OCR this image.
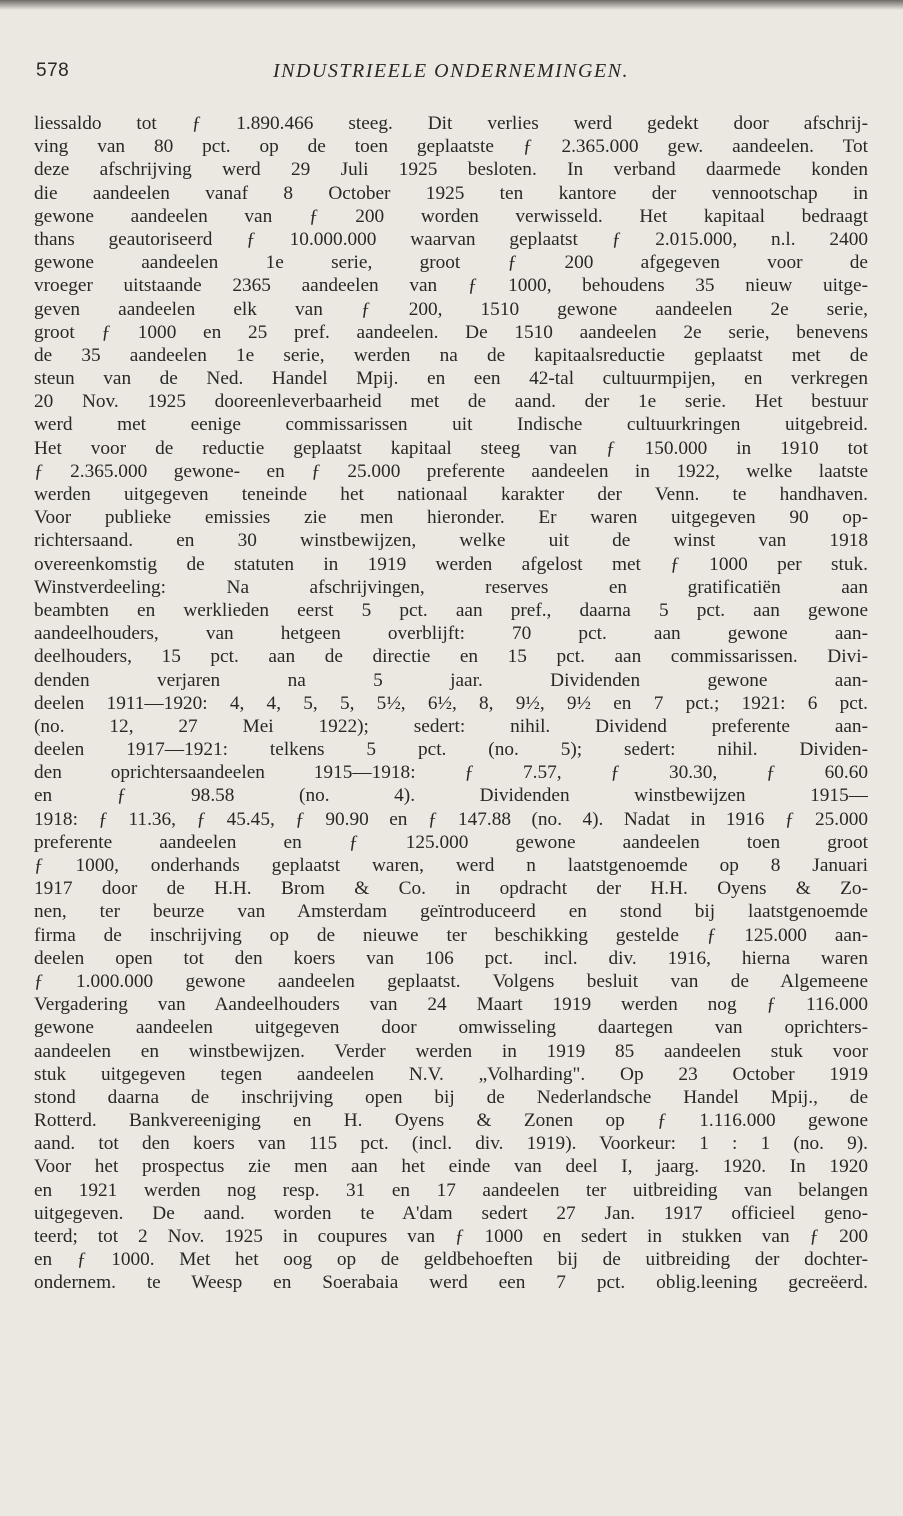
578	INDUSTRIEELE ONDERNEMINGEN.
liessaldo tot ƒ 1.890.466 steeg. Dit verlies werd gedekt door afschrij-
ving van 80 pct. op de toen geplaatste ƒ 2.365.000 gew. aandeelen. Tot
deze afschrijving werd 29 Juli 1925 besloten. In verband daarmede konden
die aandeelen vanaf 8 October 1925 ten kantore der vennootschap in
gewone aandeelen van ƒ 200 worden verwisseld. Het kapitaal bedraagt
thans geautoriseerd ƒ 10.000.000 waarvan geplaatst ƒ 2.015.000, n.l. 2400
gewone aandeelen 1e serie, groot ƒ 200 afgegeven voor de
vroeger uitstaande 2365 aandeelen van ƒ 1000, behoudens 35 nieuw uitge-
geven aandeelen elk van ƒ 200, 1510 gewone aandeelen 2e serie,
groot ƒ 1000 en 25 pref. aandeelen. De 1510 aandeelen 2e serie, benevens
de 35 aandeelen 1e serie, werden na de kapitaalsreductie geplaatst met de
steun van de Ned. Handel Mpij. en een 42-tal cultuurmpijen, en verkregen
20 Nov. 1925 dooreenleverbaarheid met de aand. der 1e serie. Het bestuur
werd met eenige commissarissen uit Indische cultuurkringen uitgebreid.
Het voor de reductie geplaatst kapitaal steeg van ƒ 150.000 in 1910 tot
ƒ 2.365.000 gewone- en ƒ 25.000 preferente aandeelen in 1922, welke laatste
werden uitgegeven teneinde het nationaal karakter der Venn. te handhaven.
Voor publieke emissies zie men hieronder. Er waren uitgegeven 90 op-
richtersaand. en 30 winstbewijzen, welke uit de winst van 1918
overeenkomstig de statuten in 1919 werden afgelost met ƒ 1000 per stuk.
Winstverdeeling: Na afschrijvingen, reserves en gratificatiën aan
beambten en werklieden eerst 5 pct. aan pref., daarna 5 pct. aan gewone
aandeelhouders, van hetgeen overblijft: 70 pct. aan gewone aan-
deelhouders, 15 pct. aan de directie en 15 pct. aan commissarissen. Divi-
denden verjaren na 5 jaar. Dividenden gewone aan-
deelen 1911—1920: 4, 4, 5, 5, 5½, 6½, 8, 9½, 9½ en 7 pct.; 1921: 6 pct.
(no. 12, 27 Mei 1922); sedert: nihil. Dividend preferente aan-
deelen 1917—1921: telkens 5 pct. (no. 5); sedert: nihil. Dividen-
den oprichtersaandeelen 1915—1918: ƒ 7.57, ƒ 30.30, ƒ 60.60
en ƒ 98.58 (no. 4). Dividenden winstbewijzen 1915—
1918: ƒ 11.36, ƒ 45.45, ƒ 90.90 en ƒ 147.88 (no. 4). Nadat in 1916 ƒ 25.000
preferente aandeelen en ƒ 125.000 gewone aandeelen toen groot
ƒ 1000, onderhands geplaatst waren, werd n laatstgenoemde op 8 Januari
1917 door de H.H. Brom & Co. in opdracht der H.H. Oyens & Zo-
nen, ter beurze van Amsterdam geïntroduceerd en stond bij laatstgenoemde
firma de inschrijving op de nieuwe ter beschikking gestelde ƒ 125.000 aan-
deelen open tot den koers van 106 pct. incl. div. 1916, hierna waren
ƒ 1.000.000 gewone aandeelen geplaatst. Volgens besluit van de Algemeene
Vergadering van Aandeelhouders van 24 Maart 1919 werden nog ƒ 116.000
gewone aandeelen uitgegeven door omwisseling daartegen van oprichters-
aandeelen en winstbewijzen. Verder werden in 1919 85 aandeelen stuk voor
stuk uitgegeven tegen aandeelen N.V. „Volharding". Op 23 October 1919
stond daarna de inschrijving open bij de Nederlandsche Handel Mpij., de
Rotterd. Bankvereeniging en H. Oyens & Zonen op ƒ 1.116.000 gewone
aand. tot den koers van 115 pct. (incl. div. 1919). Voorkeur: 1 : 1 (no. 9).
Voor het prospectus zie men aan het einde van deel I, jaarg. 1920. In 1920
en 1921 werden nog resp. 31 en 17 aandeelen ter uitbreiding van belangen
uitgegeven. De aand. worden te A'dam sedert 27 Jan. 1917 officieel geno-
teerd; tot 2 Nov. 1925 in coupures van ƒ 1000 en sedert in stukken van ƒ 200
en ƒ 1000. Met het oog op de geldbehoeften bij de uitbreiding der dochter-
ondernem. te Weesp en Soerabaia werd een 7 pct. oblig.leening gecreëerd.
